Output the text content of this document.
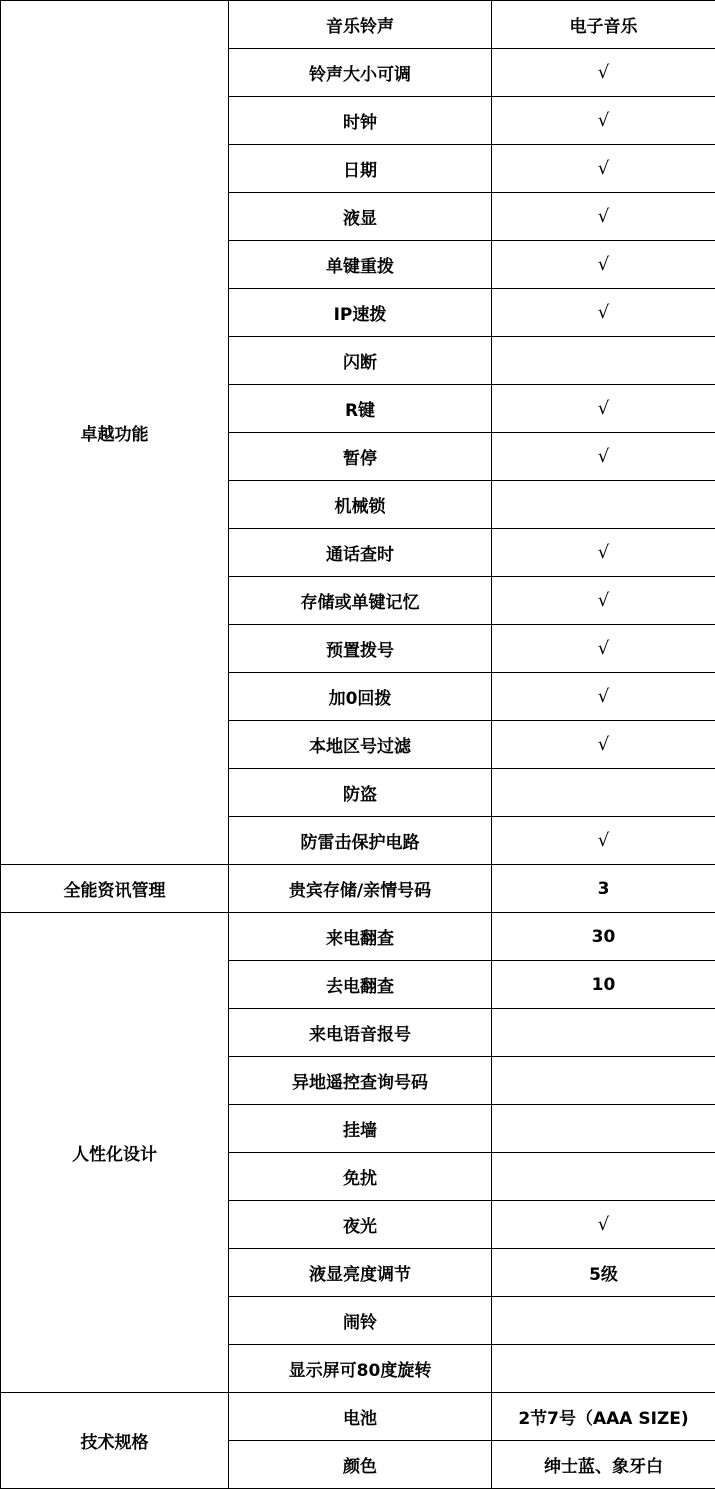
卓越功能	音乐铃声	电子音乐
	铃声大小可调	√
	时钟	√
	日期	√
	液显	√
	单键重拨	√
	IP速拨	√
	闪断	
	R键	√
	暂停	√
	机械锁	
	通话查时	√
	存储或单键记忆	√
	预置拨号	√
	加0回拨	√
	本地区号过滤	√
	防盗	
	防雷击保护电路	√
全能资讯管理	贵宾存储/亲情号码	3
人性化设计	来电翻查	30
	去电翻查	10
	来电语音报号	
	异地遥控查询号码	
	挂墙	
	免扰	
	夜光	√
	液显亮度调节	5级
	闹铃	
	显示屏可80度旋转	
技术规格	电池	2节7号（AAA SIZE)
	颜色	绅士蓝、象牙白
